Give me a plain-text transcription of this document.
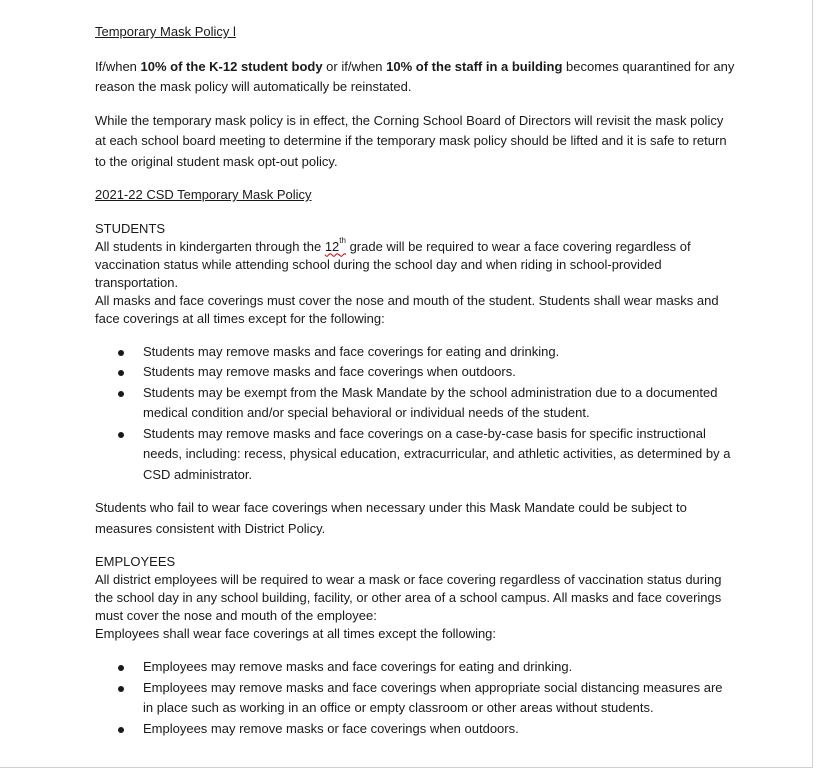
Temporary Mask Policy l

If/when 10% of the K-12 student body or if/when 10% of the staff in a building becomes quarantined for any reason the mask policy will automatically be reinstated.

While the temporary mask policy is in effect, the Corning School Board of Directors will revisit the mask policy at each school board meeting to determine if the temporary mask policy should be lifted and it is safe to return to the original student mask opt-out policy.

2021-22 CSD Temporary Mask Policy

STUDENTS

All students in kindergarten through the 12th grade will be required to wear a face covering regardless of vaccination status while attending school during the school day and when riding in school-provided transportation.

All masks and face coverings must cover the nose and mouth of the student. Students shall wear masks and face coverings at all times except for the following:

Students may remove masks and face coverings for eating and drinking.
Students may remove masks and face coverings when outdoors.
Students may be exempt from the Mask Mandate by the school administration due to a documented medical condition and/or special behavioral or individual needs of the student.
Students may remove masks and face coverings on a case-by-case basis for specific instructional needs, including: recess, physical education, extracurricular, and athletic activities, as determined by a CSD administrator.

Students who fail to wear face coverings when necessary under this Mask Mandate could be subject to measures consistent with District Policy.

EMPLOYEES

All district employees will be required to wear a mask or face covering regardless of vaccination status during the school day in any school building, facility, or other area of a school campus. All masks and face coverings must cover the nose and mouth of the employee:

Employees shall wear face coverings at all times except the following:

Employees may remove masks and face coverings for eating and drinking.
Employees may remove masks and face coverings when appropriate social distancing measures are in place such as working in an office or empty classroom or other areas without students.
Employees may remove masks or face coverings when outdoors.
